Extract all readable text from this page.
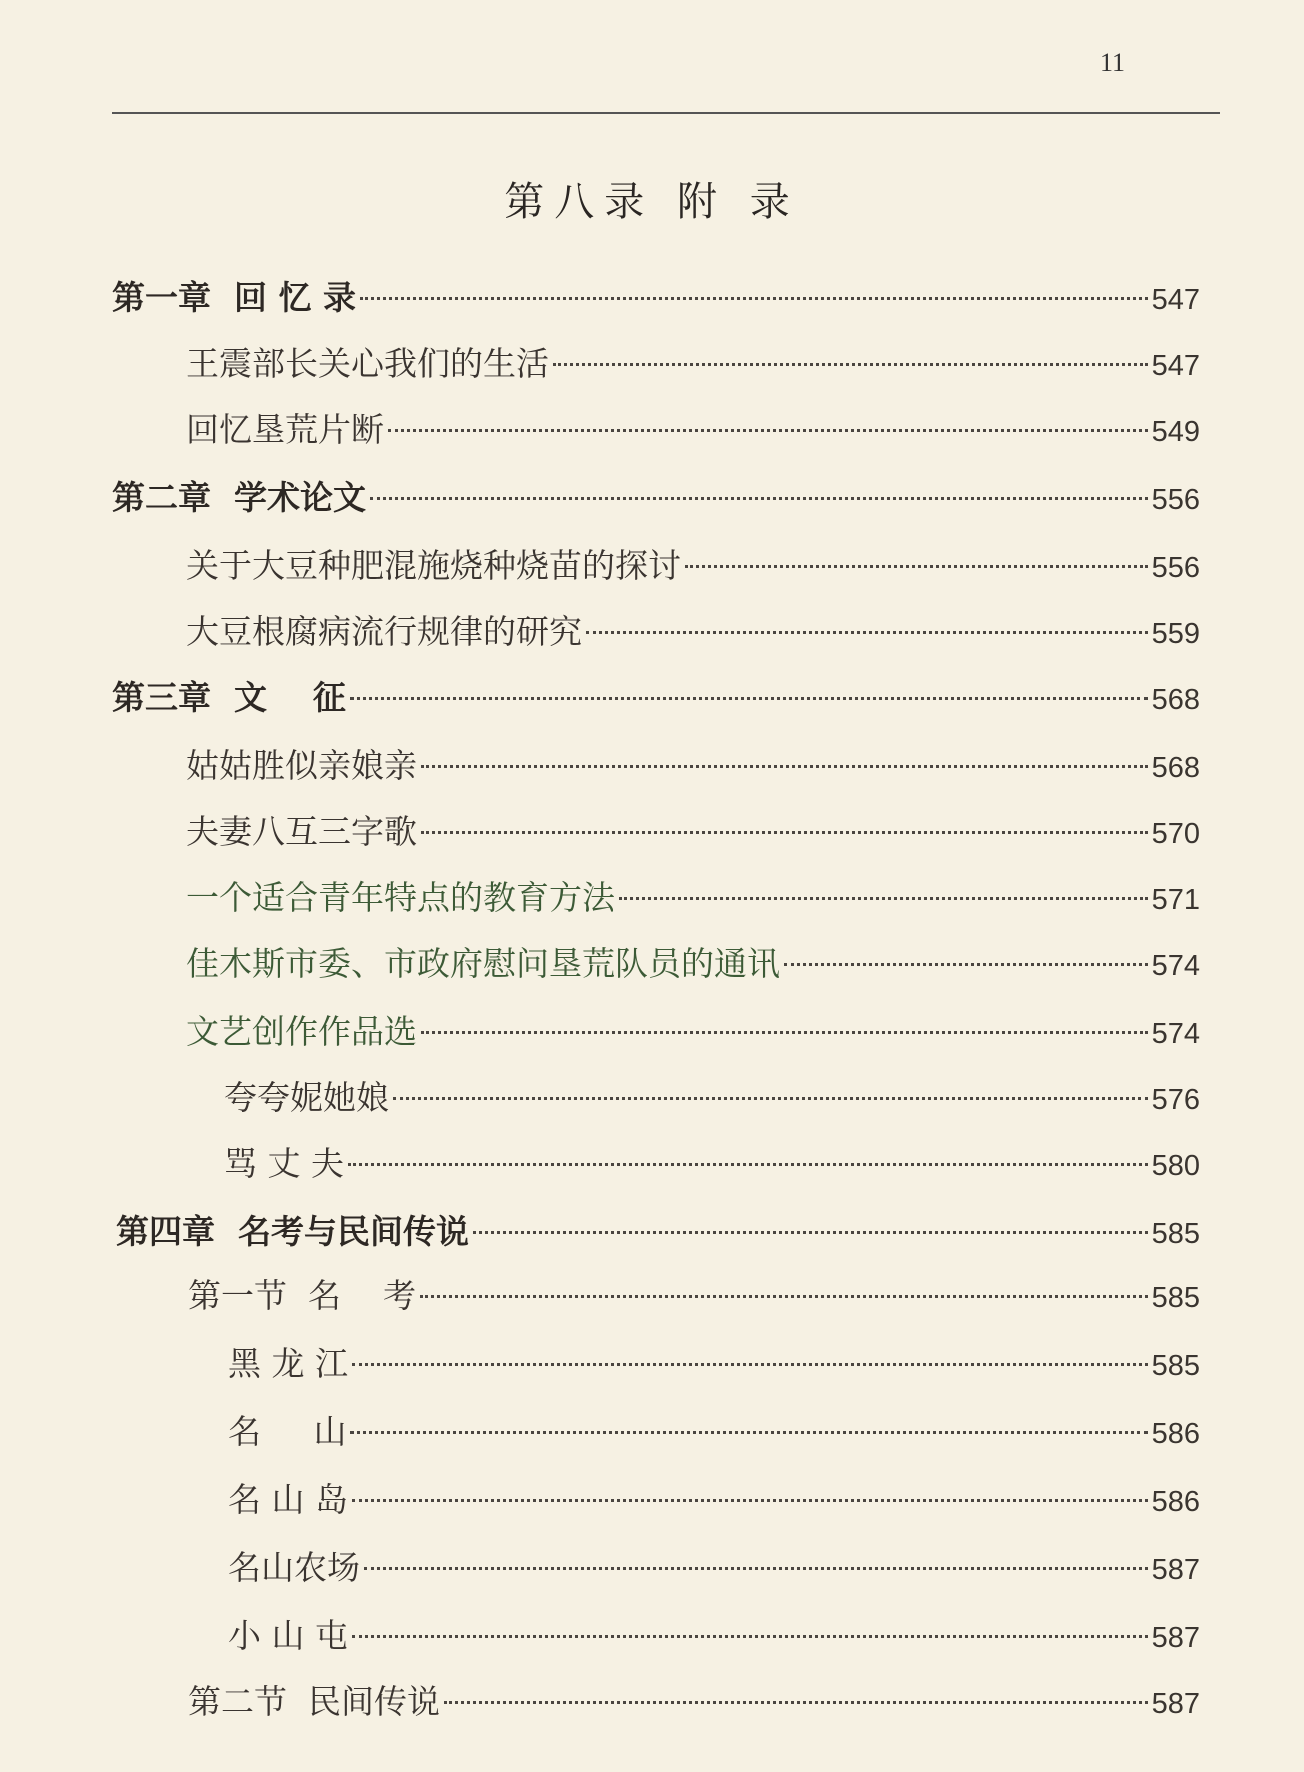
11
第八录 附 录
第一章  回 忆 录	547
王震部长关心我们的生活	547
回忆垦荒片断	549
第二章  学术论文	556
关于大豆种肥混施烧种烧苗的探讨	556
大豆根腐病流行规律的研究	559
第三章  文    征	568
姑姑胜似亲娘亲	568
夫妻八互三字歌	570
一个适合青年特点的教育方法	571
佳木斯市委、市政府慰问垦荒队员的通讯	574
文艺创作作品选	574
夸夸妮她娘	576
骂 丈 夫	580
第四章  名考与民间传说	585
第一节  名    考	585
黑 龙 江	585
名     山	586
名 山 岛	586
名山农场	587
小 山 屯	587
第二节  民间传说	587
